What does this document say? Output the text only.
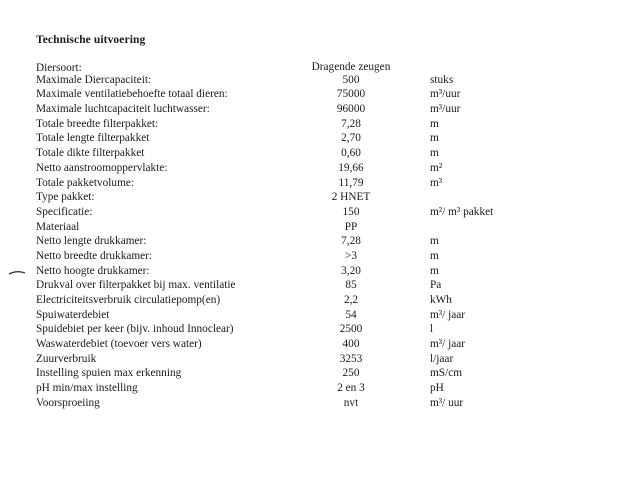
Technische uitvoering
Diersoort:	Dragende zeugen
Maximale Diercapaciteit:	500	stuks
Maximale ventilatiebehoefte totaal dieren:	75000	m³/uur
Maximale luchtcapaciteit luchtwasser:	96000	m³/uur
Totale breedte filterpakket:	7,28	m
Totale lengte filterpakket	2,70	m
Totale dikte filterpakket	0,60	m
Netto aanstroomoppervlakte:	19,66	m²
Totale pakketvolume:	11,79	m³
Type pakket:	2 HNET
Specificatie:	150	m²/ m³ pakket
Materiaal	PP
Netto lengte drukkamer:	7,28	m
Netto breedte drukkamer:	>3	m
Netto hoogte drukkamer:	3,20	m
Drukval over filterpakket bij max. ventilatie	85	Pa
Electriciteitsverbruik circulatiepomp(en)	2,2	kWh
Spuiwaterdebiet	54	m³/ jaar
Spuidebiet per keer (bijv. inhoud Innoclear)	2500	l
Waswaterdebiet (toevoer vers water)	400	m³/ jaar
Zuurverbruik	3253	l/jaar
Instelling spuien max erkenning	250	mS/cm
pH min/max instelling	2 en 3	pH
Voorsproeiing	nvt	m³/ uur
